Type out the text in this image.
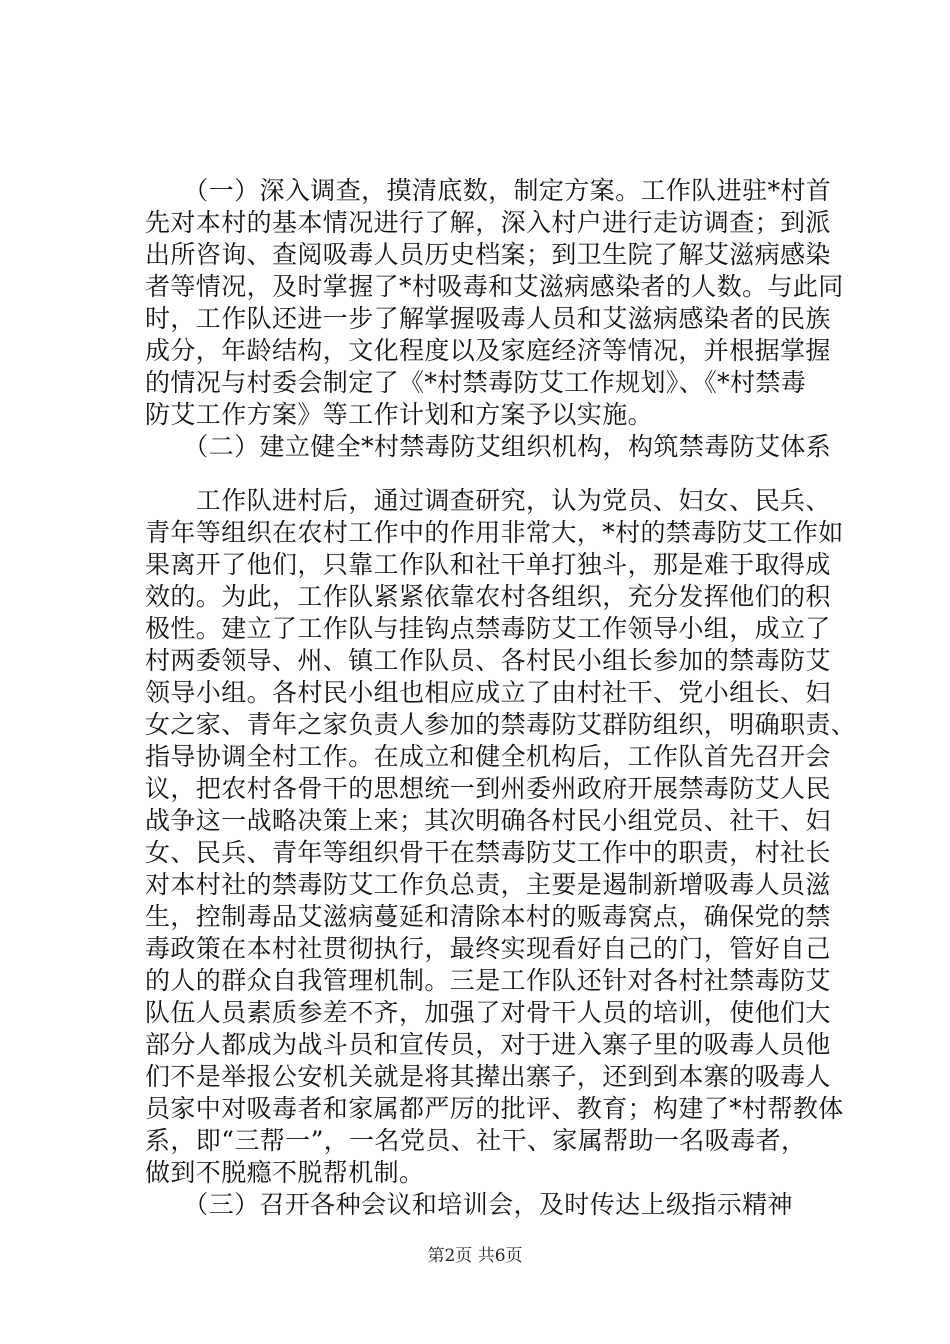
　　（一）深入调查，摸清底数，制定方案。工作队进驻*村首
先对本村的基本情况进行了解，深入村户进行走访调查；到派
出所咨询、查阅吸毒人员历史档案；到卫生院了解艾滋病感染
者等情况，及时掌握了*村吸毒和艾滋病感染者的人数。与此同
时，工作队还进一步了解掌握吸毒人员和艾滋病感染者的民族
成分，年龄结构，文化程度以及家庭经济等情况，并根据掌握
的情况与村委会制定了《*村禁毒防艾工作规划》、《*村禁毒
防艾工作方案》等工作计划和方案予以实施。
　　（二）建立健全*村禁毒防艾组织机构，构筑禁毒防艾体系
　　工作队进村后，通过调查研究，认为党员、妇女、民兵、
青年等组织在农村工作中的作用非常大，*村的禁毒防艾工作如
果离开了他们，只靠工作队和社干单打独斗，那是难于取得成
效的。为此，工作队紧紧依靠农村各组织，充分发挥他们的积
极性。建立了工作队与挂钩点禁毒防艾工作领导小组，成立了
村两委领导、州、镇工作队员、各村民小组长参加的禁毒防艾
领导小组。各村民小组也相应成立了由村社干、党小组长、妇
女之家、青年之家负责人参加的禁毒防艾群防组织，明确职责、
指导协调全村工作。在成立和健全机构后，工作队首先召开会
议，把农村各骨干的思想统一到州委州政府开展禁毒防艾人民
战争这一战略决策上来；其次明确各村民小组党员、社干、妇
女、民兵、青年等组织骨干在禁毒防艾工作中的职责，村社长
对本村社的禁毒防艾工作负总责，主要是遏制新增吸毒人员滋
生，控制毒品艾滋病蔓延和清除本村的贩毒窝点，确保党的禁
毒政策在本村社贯彻执行，最终实现看好自己的门，管好自己
的人的群众自我管理机制。三是工作队还针对各村社禁毒防艾
队伍人员素质参差不齐，加强了对骨干人员的培训，使他们大
部分人都成为战斗员和宣传员，对于进入寨子里的吸毒人员他
们不是举报公安机关就是将其撵出寨子，还到到本寨的吸毒人
员家中对吸毒者和家属都严厉的批评、教育；构建了*村帮教体
系，即“三帮一”，一名党员、社干、家属帮助一名吸毒者，
做到不脱瘾不脱帮机制。
　　（三）召开各种会议和培训会，及时传达上级指示精神
第2页 共6页
